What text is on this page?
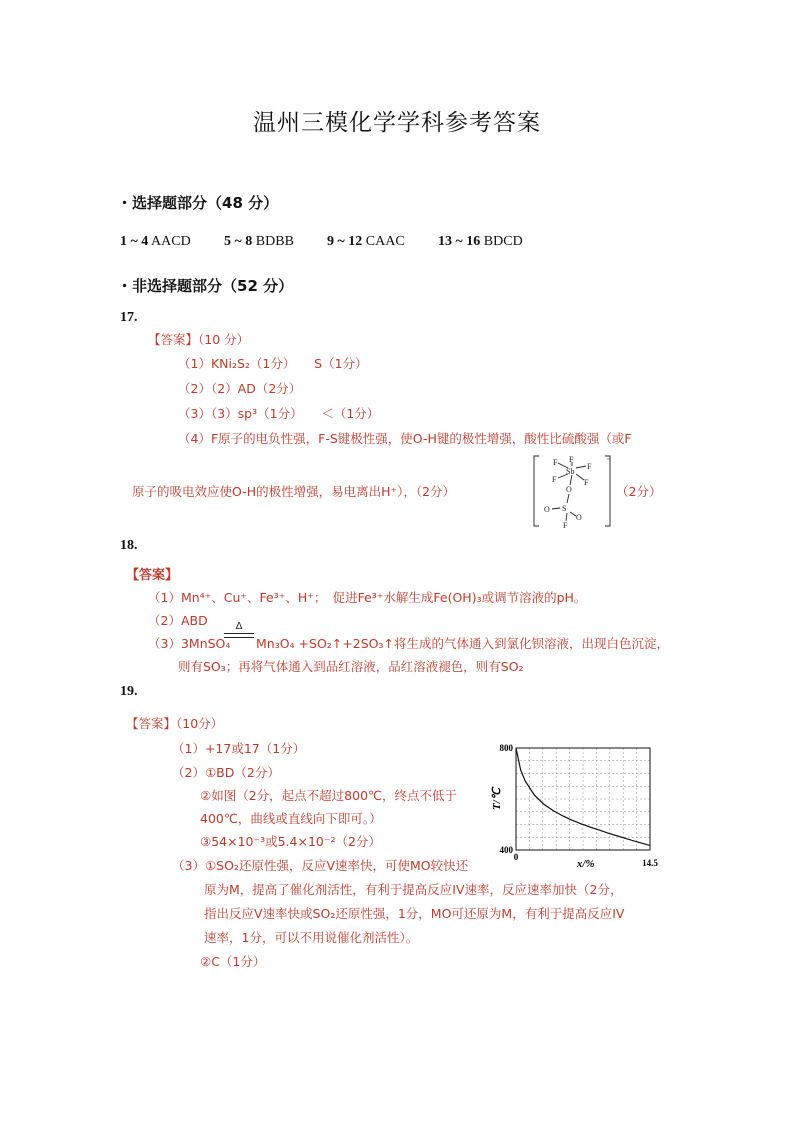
温州三模化学学科参考答案
・选择题部分（48 分）
1 ~ 4 AACD 5 ~ 8 BDBB 9 ~ 12 CAAC 13 ~ 16 BDCD
・非选择题部分（52 分）
17.
【答案】（10 分）
（1）KNi₂S₂（1分）　　S（1分）
（2）（2）AD（2分）
（3）（3）sp³（1分）　　＜（1分）
（4）F原子的电负性强，F-S键极性强，使O-H键的极性增强，酸性比硫酸强（或F
原子的吸电效应使O-H的极性增强，易电离出H⁺），（2分）
F
F	F
F	F
Sb
O
O S
O
F
⁻
（2分）
18.
【答案】
（1）Mn⁴⁺、Cu⁺、Fe³⁺、H⁺；　促进Fe³⁺水解生成Fe(OH)₃或调节溶液的pH。
（2）ABD
（3）3MnSO₄
Δ
Mn₃O₄ +SO₂↑+2SO₃↑将生成的气体通入到氯化钡溶液，出现白色沉淀，
则有SO₃；再将气体通入到品红溶液，品红溶液褪色，则有SO₂
19.
【答案】（10分）
（1）+17或17（1分）
（2）①BD（2分）
②如图（2分，起点不超过800℃，终点不低于
400℃，曲线或直线向下即可。）
③54×10⁻³或5.4×10⁻²（2分）
（3）①SO₂还原性强，反应V速率快，可使MO较快还
原为M，提高了催化剂活性，有利于提高反应IV速率，反应速率加快（2分，
指出反应V速率快或SO₂还原性强，1分，MO可还原为M，有利于提高反应IV
速率，1分，可以不用说催化剂活性）。
②C（1分）
800
400
0
14.5
x/%
T/℃
